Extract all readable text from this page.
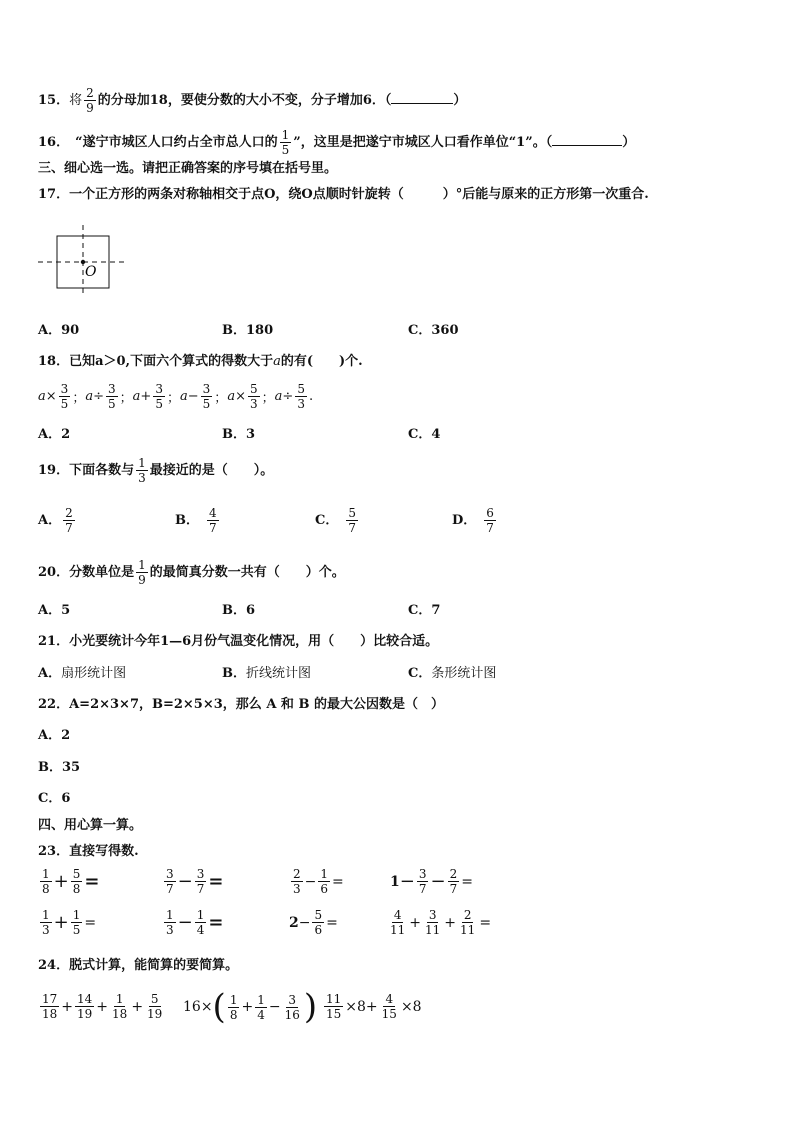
15．将 $\frac{2}{9}$ 的分母加18，要使分数的大小不变，分子增加6．（	）
16． “遂宁市城区人口约占全市总人口的 $\frac{1}{5}$ ”，这里是把遂宁市城区人口看作单位“1”。（	）
三、细心选一选。请把正确答案的序号填在括号里。
17．一个正方形的两条对称轴相交于点O，绕O点顺时针旋转（　　　）°后能与原来的正方形第一次重合.
O
A．90	B．180	C．360
18．已知a＞0,下面六个算式的得数大于a的有(　　)个.
$a \times \frac{3}{5}$ ； $a \div \frac{3}{5}$ ； $a + \frac{3}{5}$ ； $a - \frac{3}{5}$ ； $a \times \frac{5}{3}$ ； $a \div \frac{5}{3}$ .
A．2	B．3	C．4
19．下面各数与 $\frac{1}{3}$ 最接近的是（　　）。
A． $\frac{2}{7}$	B． $\frac{4}{7}$	C． $\frac{5}{7}$	D． $\frac{6}{7}$
20．分数单位是 $\frac{1}{9}$ 的最简真分数一共有（　　）个。
A．5	B．6	C．7
21．小光要统计今年1—6月份气温变化情况，用（　　）比较合适。
A．扇形统计图	B．折线统计图	C．条形统计图
22．A=2×3×7，B=2×5×3，那么 A 和 B 的最大公因数是（　）
A．2
B．35
C．6
四、用心算一算。
23．直接写得数.
$\frac{1}{8} + \frac{5}{8}$ =	$\frac{3}{7} - \frac{3}{7}$ =	$\frac{2}{3} - \frac{1}{6}$ =	$1 - \frac{3}{7} - \frac{2}{7}$ =
$\frac{1}{3} + \frac{1}{5}$ =	$\frac{1}{3} - \frac{1}{4}$ =	$2 - \frac{5}{6}$ =	$\frac{4}{11} + \frac{3}{11} + \frac{2}{11}$ =
24．脱式计算，能简算的要简算。
$\frac{17}{18} + \frac{14}{19} + \frac{1}{18} + \frac{5}{19} 16\times$ ( $\frac{1}{8} + \frac{1}{4} - \frac{3}{16}$ ) $\frac{11}{15} \times 8 + \frac{4}{15} \times 8$
